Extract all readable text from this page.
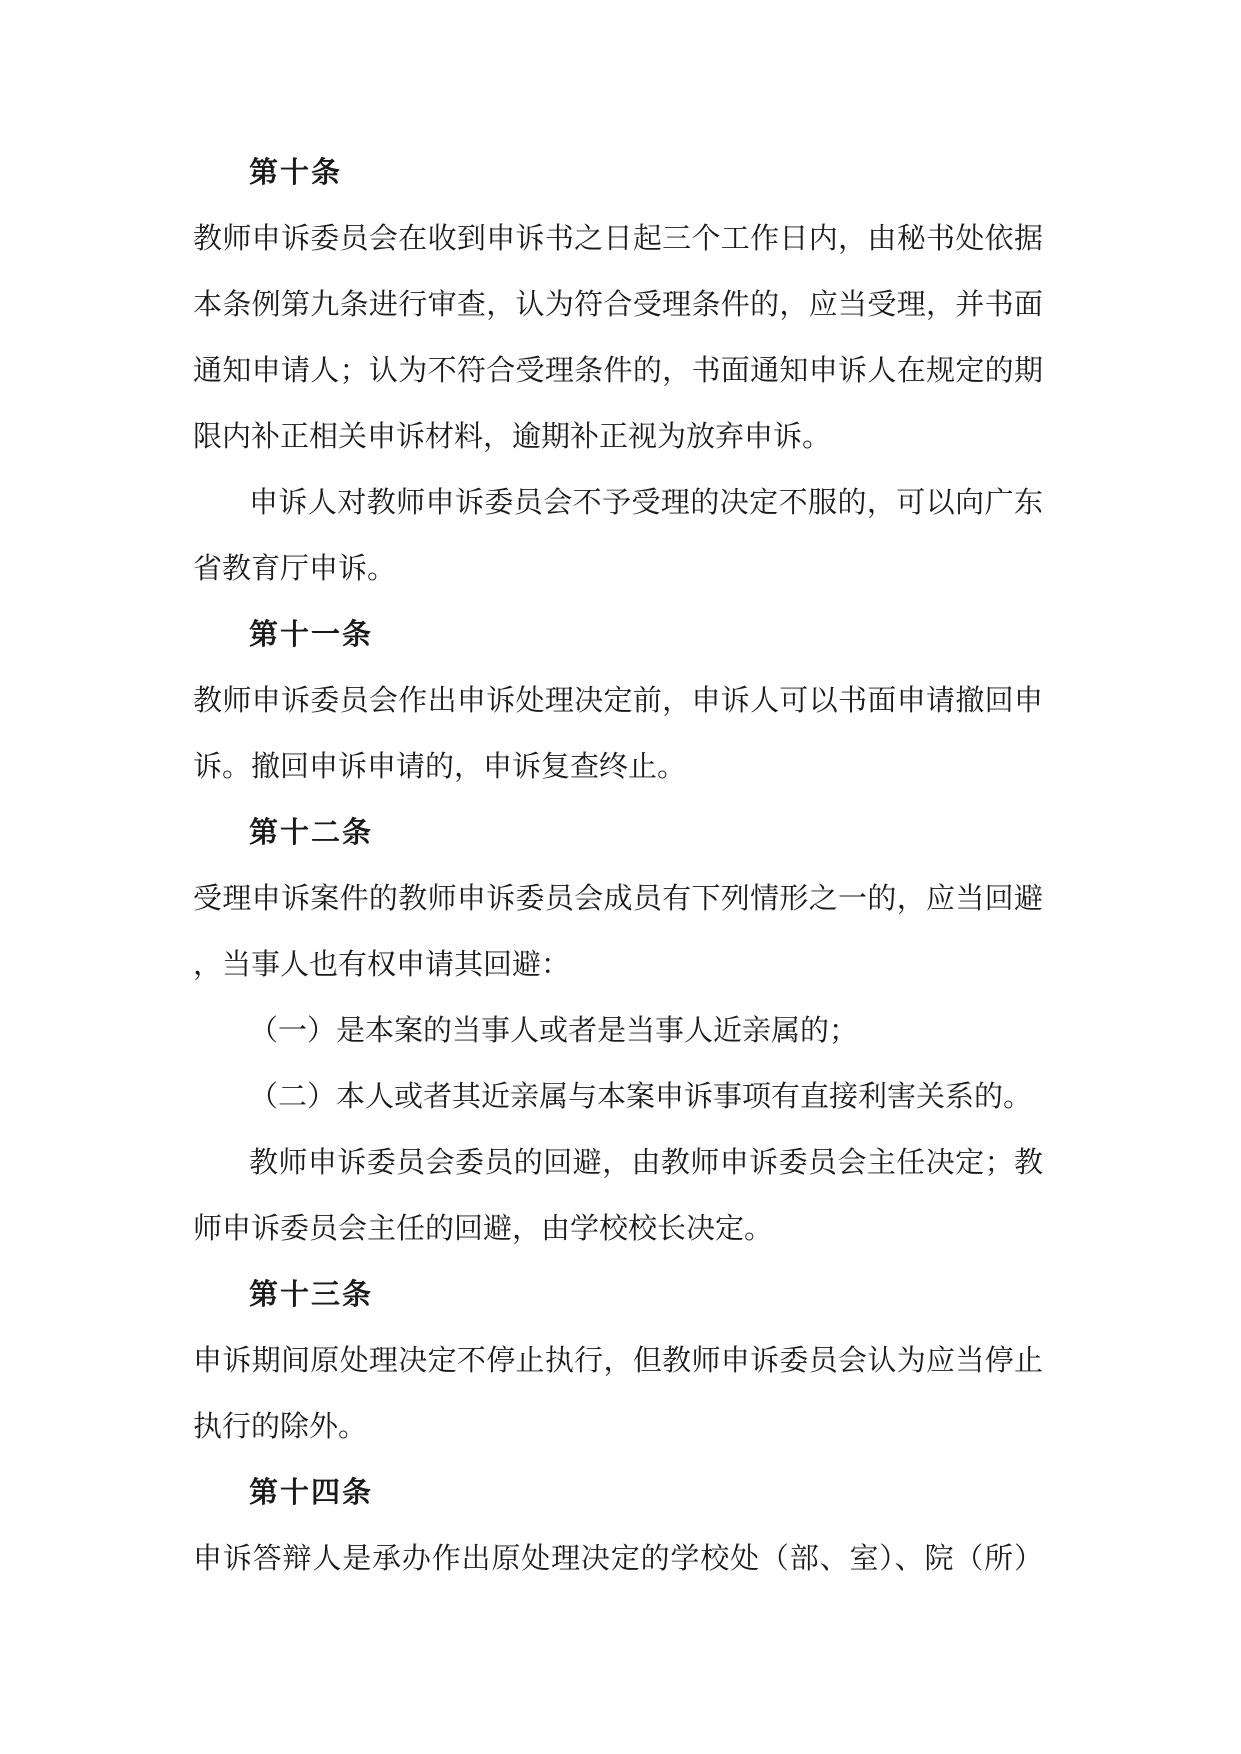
第十条
教师申诉委员会在收到申诉书之日起三个工作日内，由秘书处依据
本条例第九条进行审查，认为符合受理条件的，应当受理，并书面
通知申请人；认为不符合受理条件的，书面通知申诉人在规定的期
限内补正相关申诉材料，逾期补正视为放弃申诉。
申诉人对教师申诉委员会不予受理的决定不服的，可以向广东
省教育厅申诉。
第十一条
教师申诉委员会作出申诉处理决定前，申诉人可以书面申请撤回申
诉。撤回申诉申请的，申诉复查终止。
第十二条
受理申诉案件的教师申诉委员会成员有下列情形之一的，应当回避
，当事人也有权申请其回避：
（一）是本案的当事人或者是当事人近亲属的；
（二）本人或者其近亲属与本案申诉事项有直接利害关系的。
教师申诉委员会委员的回避，由教师申诉委员会主任决定；教
师申诉委员会主任的回避，由学校校长决定。
第十三条
申诉期间原处理决定不停止执行，但教师申诉委员会认为应当停止
执行的除外。
第十四条
申诉答辩人是承办作出原处理决定的学校处（部、室）、院（所）
